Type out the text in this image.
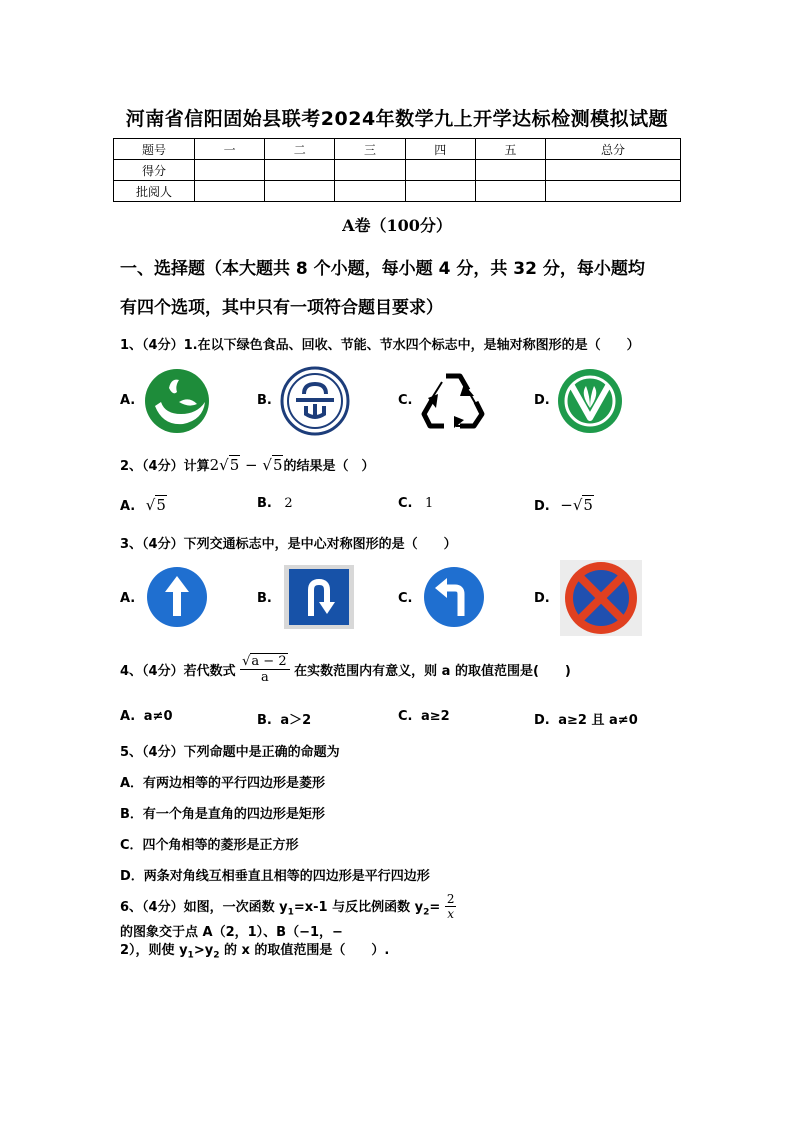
河南省信阳固始县联考2024年数学九上开学达标检测模拟试题
题号	一	二	三	四	五	总分
得分						
批阅人						
A卷（100分）
一、选择题（本大题共 8 个小题，每小题 4 分，共 32 分，每小题均
有四个选项，其中只有一项符合题目要求）
1、（4分）1.在以下绿色食品、回收、节能、节水四个标志中，是轴对称图形的是（　　）
A.	B.	C.	D.
2、（4分）计算2√5 − √5的结果是（　）
A. √5	B. 2	C. 1	D. −√5
3、（4分）下列交通标志中，是中心对称图形的是（　　）
A.	B.	C.	D.
4、（4分）若代数式 $\frac{√a - 2}{a}$ 在实数范围内有意义，则 a 的取值范围是(　　)
A. a≠0	B. a＞2	C. a≥2	D. a≥2 且 a≠0
5、（4分）下列命题中是正确的命题为
A．有两边相等的平行四边形是菱形
B．有一个角是直角的四边形是矩形
C．四个角相等的菱形是正方形
D．两条对角线互相垂直且相等的四边形是平行四边形
6、（4分）如图，一次函数 $y_1=x-1$ 与反比例函数 $y_2= \frac{2}{x}$
的图象交于点 A（2，1）、B（−1，−
2），则使 $y_1>y_2$ 的 x 的取值范围是（　　）.
